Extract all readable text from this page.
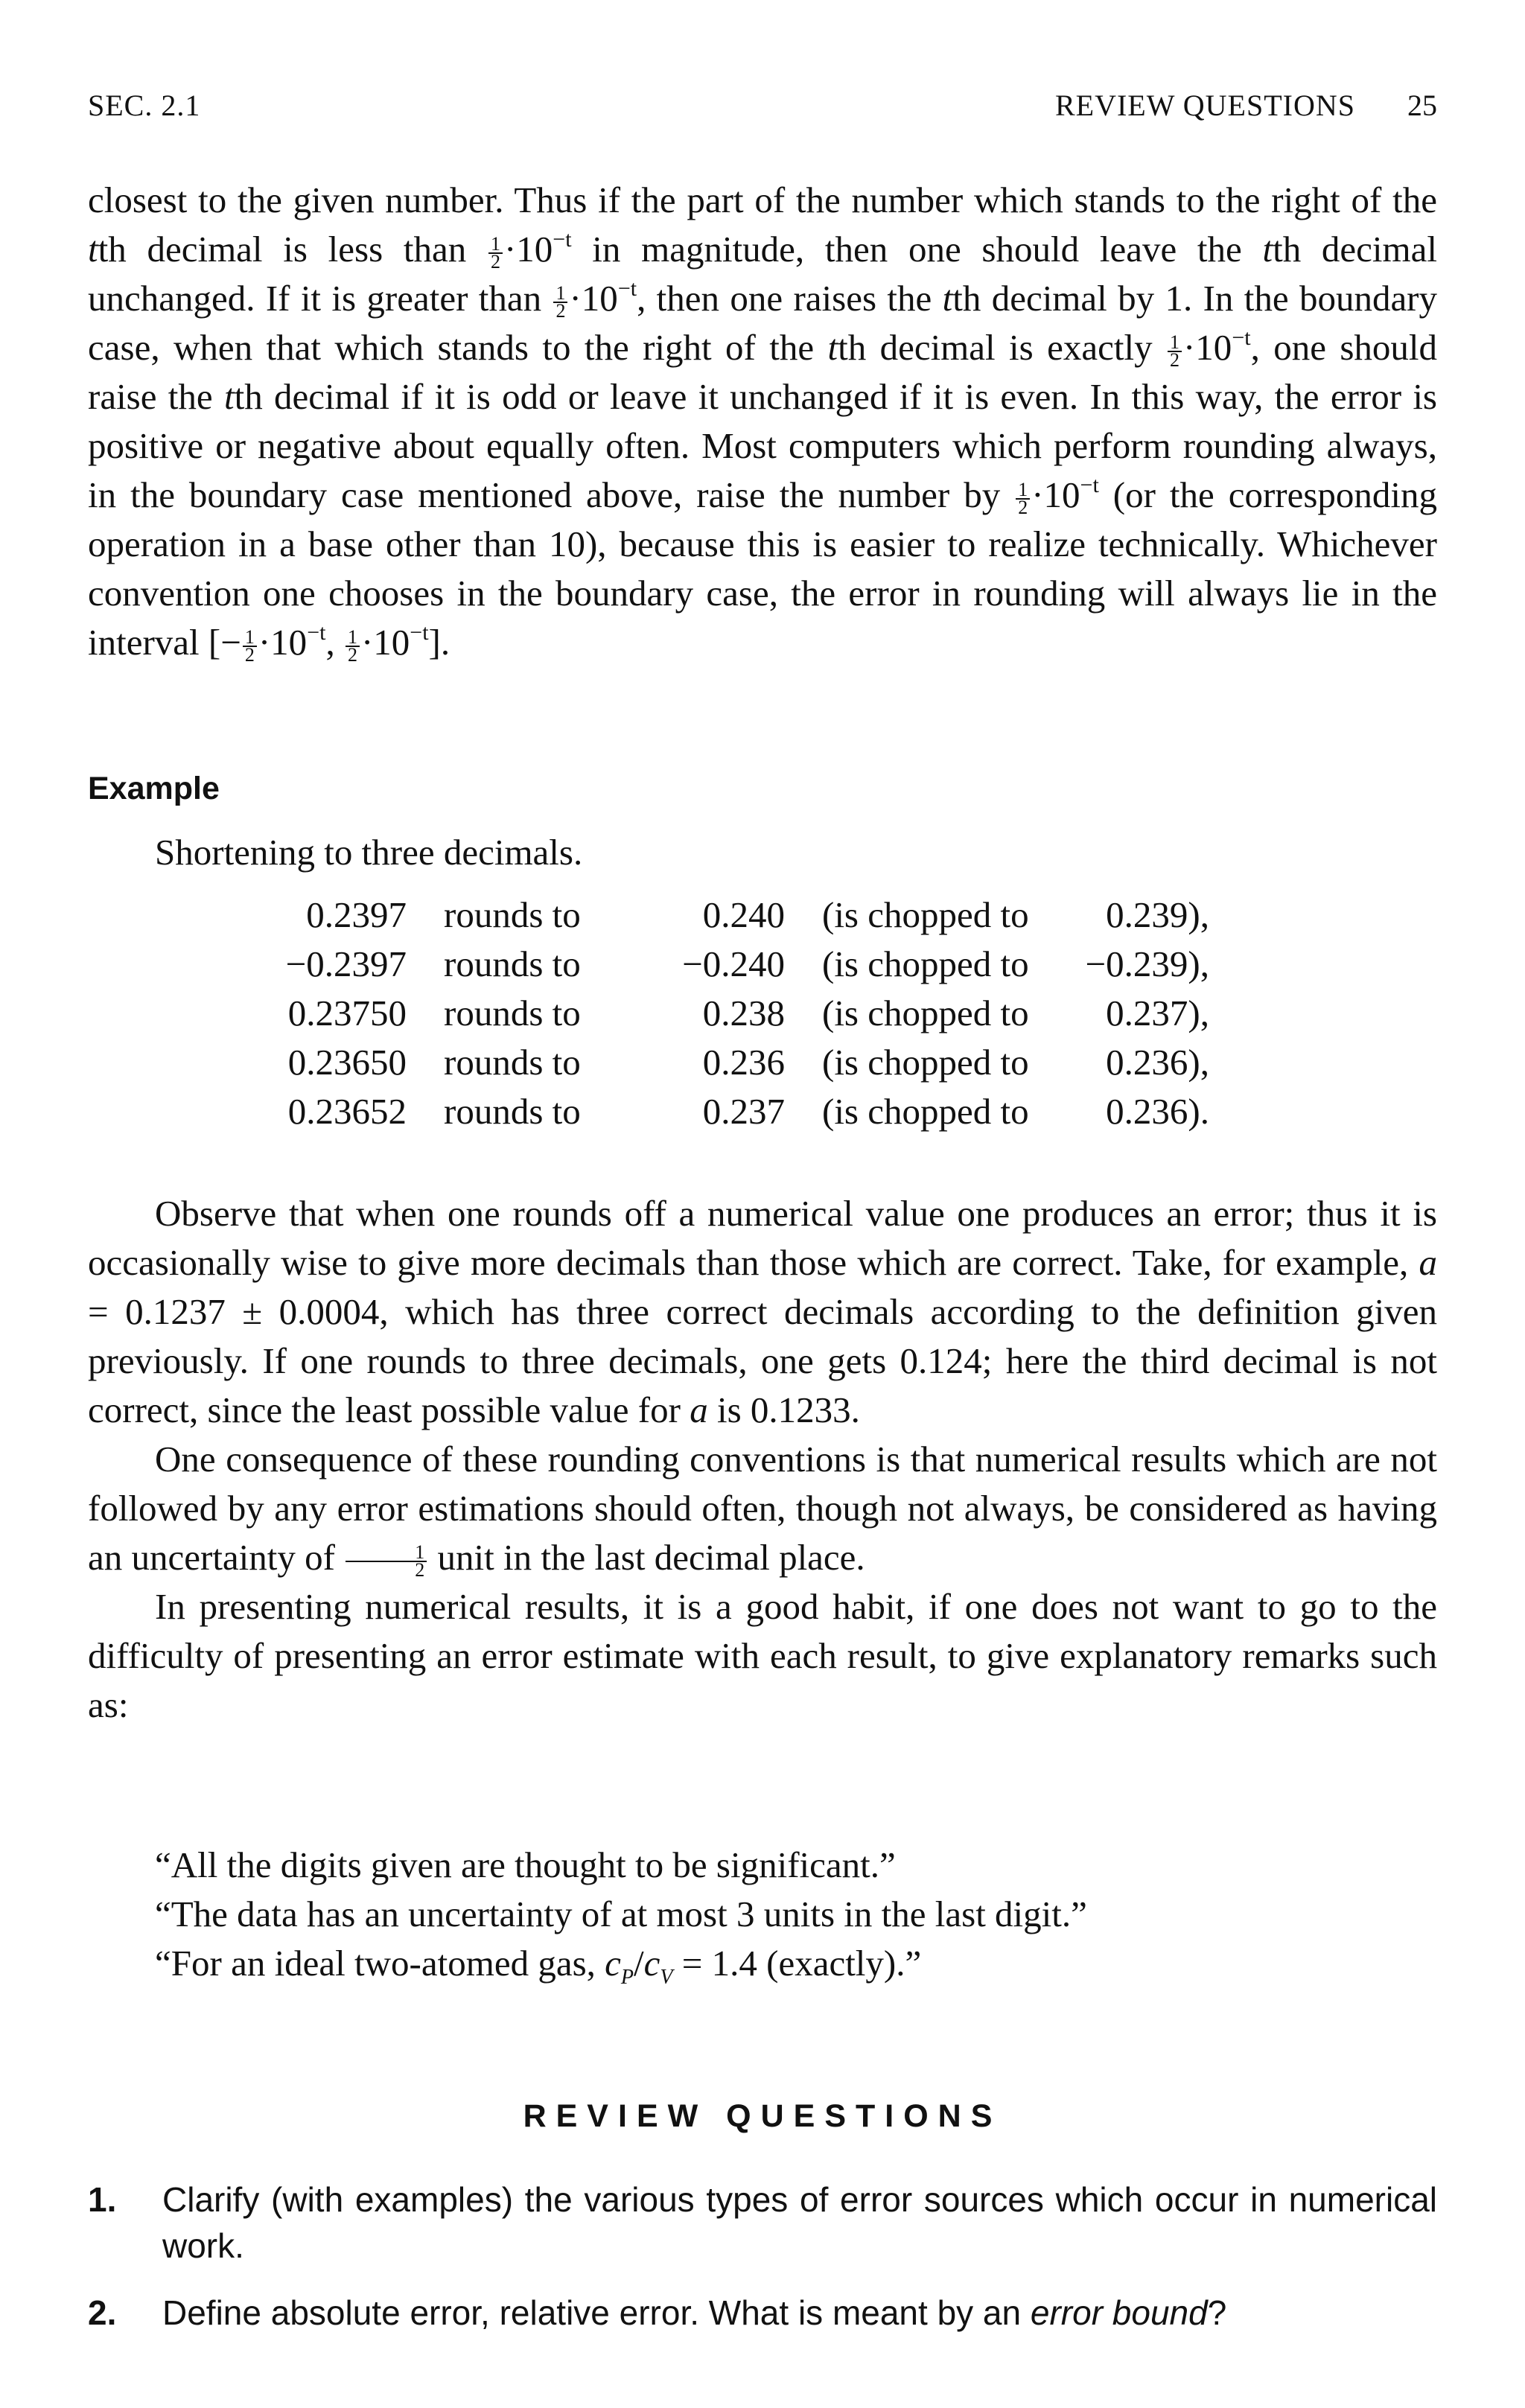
SEC. 2.1	REVIEW QUESTIONS 25

closest to the given number. Thus if the part of the number which stands to the right of the tth decimal is less than $\frac{1}{2} \cdot 10^{-t}$ in magnitude, then one should leave the tth decimal unchanged. If it is greater than $\frac{1}{2} \cdot 10^{-t}$, then one raises the tth decimal by 1. In the boundary case, when that which stands to the right of the tth decimal is exactly $\frac{1}{2} \cdot 10^{-t}$, one should raise the tth decimal if it is odd or leave it unchanged if it is even. In this way, the error is positive or negative about equally often. Most computers which perform rounding always, in the boundary case mentioned above, raise the number by $\frac{1}{2} \cdot 10^{-t}$ (or the corresponding operation in a base other than 10), because this is easier to realize technically. Whichever convention one chooses in the boundary case, the error in rounding will always lie in the interval [− $\frac{1}{2} \cdot 10^{-t}$, $\frac{1}{2} \cdot 10^{-t}$].

Example
Shortening to three decimals.
0.2397	rounds to	0.240	(is chopped to	0.239),
−0.2397	rounds to	−0.240	(is chopped to	−0.239),
0.23750	rounds to	0.238	(is chopped to	0.237),
0.23650	rounds to	0.236	(is chopped to	0.236),
0.23652	rounds to	0.237	(is chopped to	0.236).

Observe that when one rounds off a numerical value one produces an error; thus it is occasionally wise to give more decimals than those which are correct. Take, for example, a = 0.1237 ± 0.0004, which has three correct decimals according to the definition given previously. If one rounds to three decimals, one gets 0.124; here the third decimal is not correct, since the least possible value for a is 0.1233.

One consequence of these rounding conventions is that numerical results which are not followed by any error estimations should often, though not always, be considered as having an uncertainty of $\frac{1}{2}$ unit in the last decimal place.

In presenting numerical results, it is a good habit, if one does not want to go to the difficulty of presenting an error estimate with each result, to give explanatory remarks such as:

“All the digits given are thought to be significant.”
“The data has an uncertainty of at most 3 units in the last digit.”
“For an ideal two-atomed gas, $c_P/c_V = 1.4$ (exactly).”
REVIEW QUESTIONS
1. Clarify (with examples) the various types of error sources which occur in numerical work.
2. Define absolute error, relative error. What is meant by an error bound?
